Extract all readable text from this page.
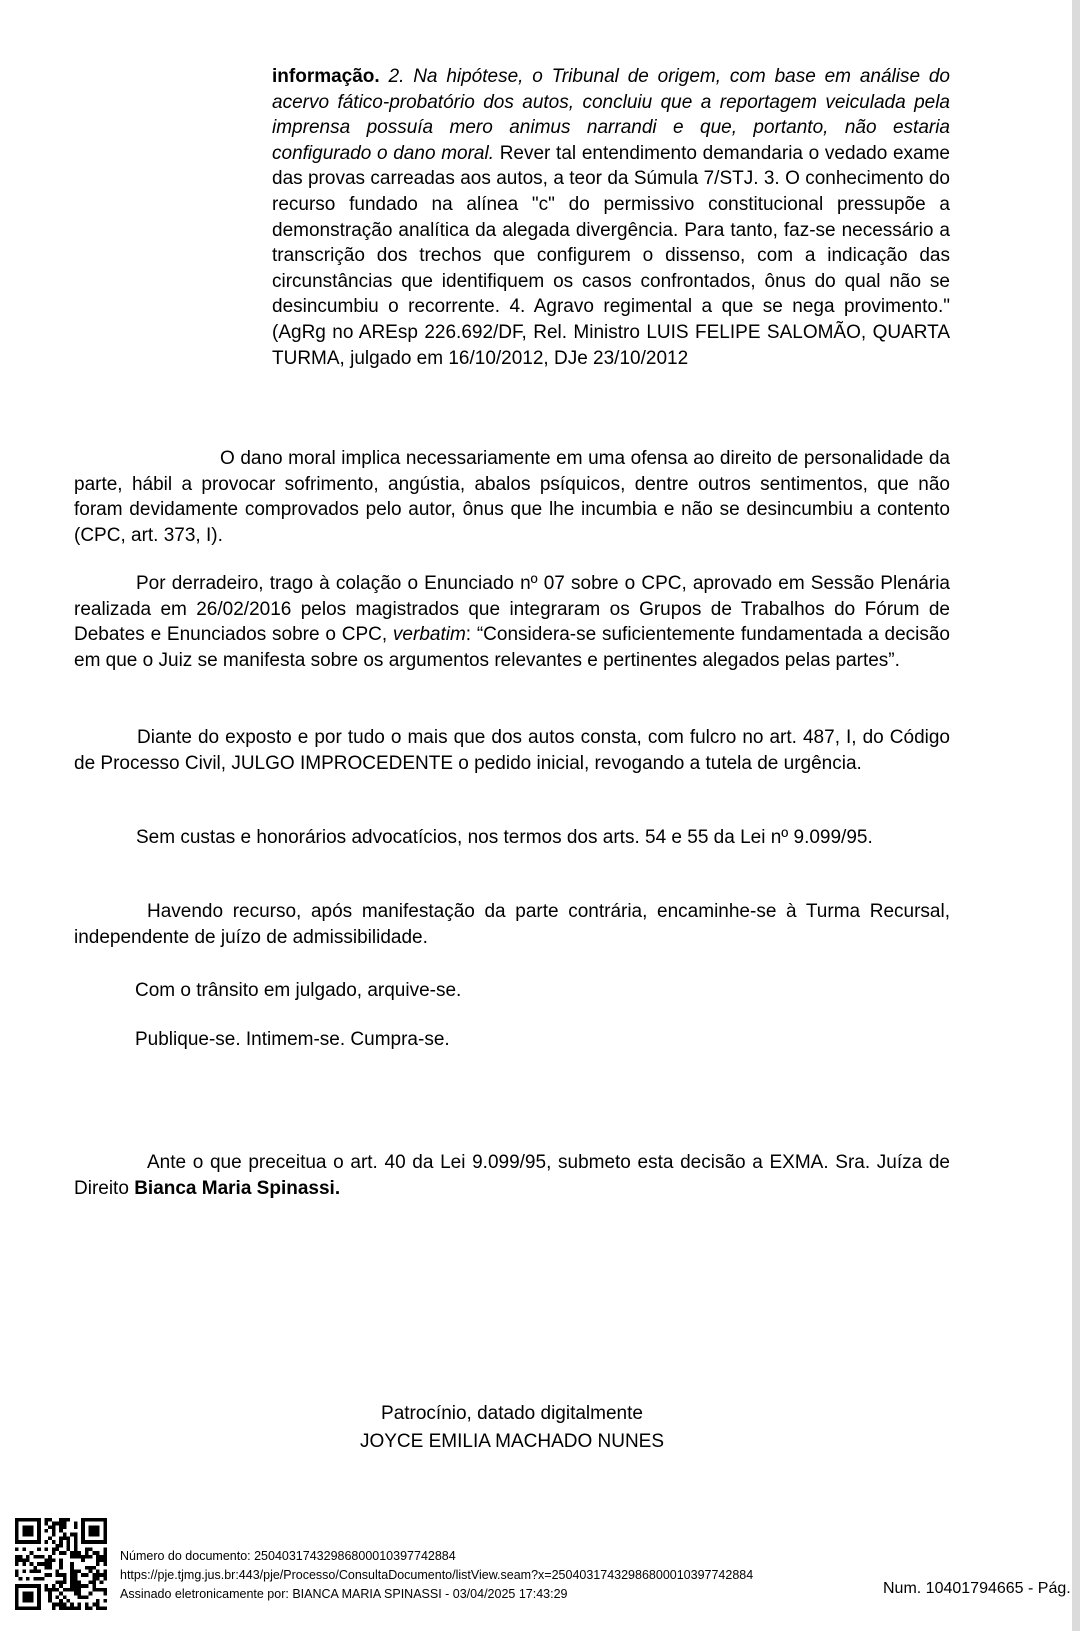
informação. 2. Na hipótese, o Tribunal de origem, com base em análise do acervo fático-probatório dos autos, concluiu que a reportagem veiculada pela imprensa possuía mero animus narrandi e que, portanto, não estaria configurado o dano moral. Rever tal entendimento demandaria o vedado exame das provas carreadas aos autos, a teor da Súmula 7/STJ. 3. O conhecimento do recurso fundado na alínea "c" do permissivo constitucional pressupõe a demonstração analítica da alegada divergência. Para tanto, faz-se necessário a transcrição dos trechos que configurem o dissenso, com a indicação das circunstâncias que identifiquem os casos confrontados, ônus do qual não se desincumbiu o recorrente. 4. Agravo regimental a que se nega provimento." (AgRg no AREsp 226.692/DF, Rel. Ministro LUIS FELIPE SALOMÃO, QUARTA TURMA, julgado em 16/10/2012, DJe 23/10/2012
O dano moral implica necessariamente em uma ofensa ao direito de personalidade da parte, hábil a provocar sofrimento, angústia, abalos psíquicos, dentre outros sentimentos, que não foram devidamente comprovados pelo autor, ônus que lhe incumbia e não se desincumbiu a contento (CPC, art. 373, I).
Por derradeiro, trago à colação o Enunciado nº 07 sobre o CPC, aprovado em Sessão Plenária realizada em 26/02/2016 pelos magistrados que integraram os Grupos de Trabalhos do Fórum de Debates e Enunciados sobre o CPC, verbatim: “Considera-se suficientemente fundamentada a decisão em que o Juiz se manifesta sobre os argumentos relevantes e pertinentes alegados pelas partes”.
Diante do exposto e por tudo o mais que dos autos consta, com fulcro no art. 487, I, do Código de Processo Civil, JULGO IMPROCEDENTE o pedido inicial, revogando a tutela de urgência.
Sem custas e honorários advocatícios, nos termos dos arts. 54 e 55 da Lei nº 9.099/95.
Havendo recurso, após manifestação da parte contrária, encaminhe-se à Turma Recursal, independente de juízo de admissibilidade.
Com o trânsito em julgado, arquive-se.
Publique-se. Intimem-se. Cumpra-se.
Ante o que preceitua o art. 40 da Lei 9.099/95, submeto esta decisão a EXMA. Sra. Juíza de Direito Bianca Maria Spinassi.
Patrocínio, datado digitalmente
JOYCE EMILIA MACHADO NUNES
Número do documento: 25040317432986800010397742884
https://pje.tjmg.jus.br:443/pje/Processo/ConsultaDocumento/listView.seam?x=25040317432986800010397742884
Assinado eletronicamente por: BIANCA MARIA SPINASSI - 03/04/2025 17:43:29	Num. 10401794665 - Pág.
